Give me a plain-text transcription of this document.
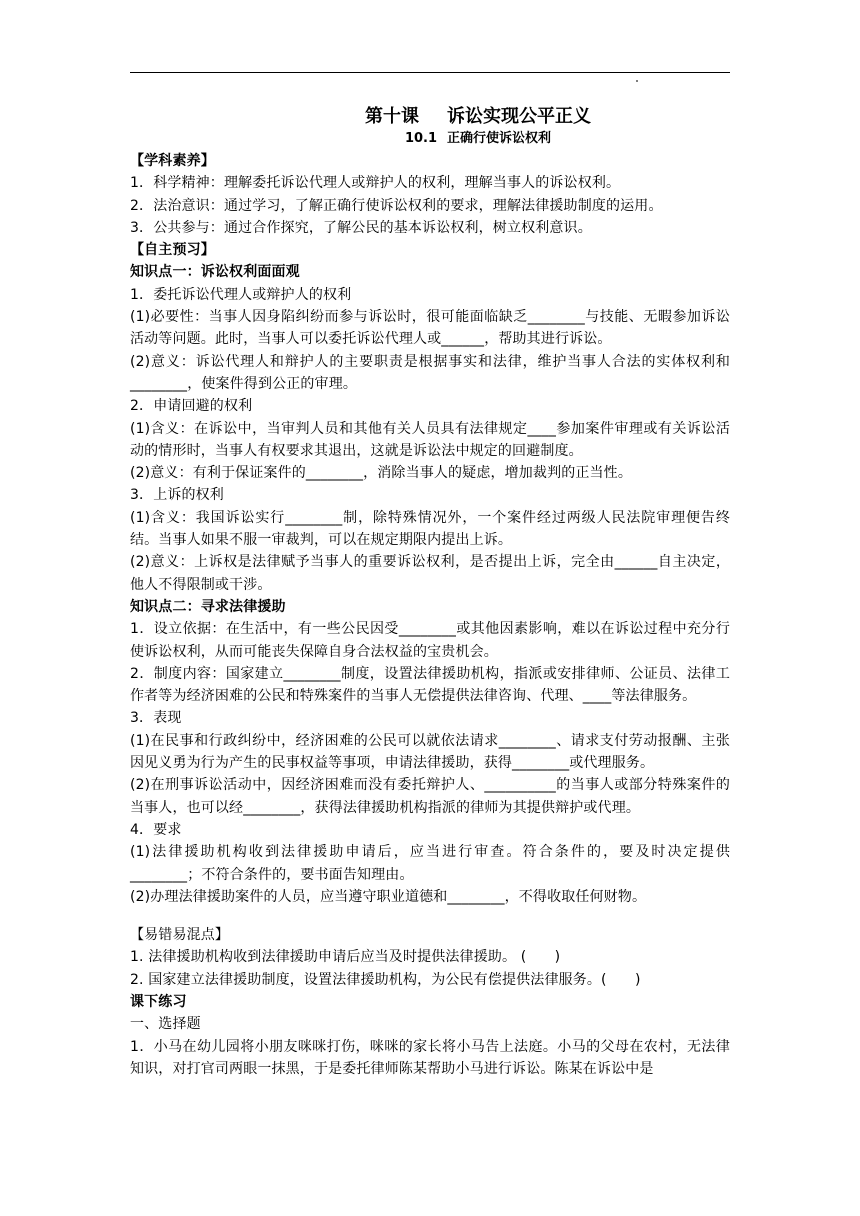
第十课 诉讼实现公平正义
10.1 正确行使诉讼权利

【学科素养】

1．科学精神：理解委托诉讼代理人或辩护人的权利，理解当事人的诉讼权利。

2．法治意识：通过学习，了解正确行使诉讼权利的要求，理解法律援助制度的运用。

3．公共参与：通过合作探究，了解公民的基本诉讼权利，树立权利意识。

【自主预习】

知识点一：诉讼权利面面观

1．委托诉讼代理人或辩护人的权利

(1)必要性：当事人因身陷纠纷而参与诉讼时，很可能面临缺乏________与技能、无暇参加诉讼活动等问题。此时，当事人可以委托诉讼代理人或______，帮助其进行诉讼。

(2)意义：诉讼代理人和辩护人的主要职责是根据事实和法律，维护当事人合法的实体权利和________，使案件得到公正的审理。

2．申请回避的权利

(1)含义：在诉讼中，当审判人员和其他有关人员具有法律规定____参加案件审理或有关诉讼活动的情形时，当事人有权要求其退出，这就是诉讼法中规定的回避制度。

(2)意义：有利于保证案件的________，消除当事人的疑虑，增加裁判的正当性。

3．上诉的权利

(1)含义：我国诉讼实行________制，除特殊情况外，一个案件经过两级人民法院审理便告终结。当事人如果不服一审裁判，可以在规定期限内提出上诉。

(2)意义：上诉权是法律赋予当事人的重要诉讼权利，是否提出上诉，完全由______自主决定，他人不得限制或干涉。

知识点二：寻求法律援助

1．设立依据：在生活中，有一些公民因受________或其他因素影响，难以在诉讼过程中充分行使诉讼权利，从而可能丧失保障自身合法权益的宝贵机会。

2．制度内容：国家建立________制度，设置法律援助机构，指派或安排律师、公证员、法律工作者等为经济困难的公民和特殊案件的当事人无偿提供法律咨询、代理、____等法律服务。

3．表现

(1)在民事和行政纠纷中，经济困难的公民可以就依法请求________、请求支付劳动报酬、主张因见义勇为行为产生的民事权益等事项，申请法律援助，获得________或代理服务。

(2)在刑事诉讼活动中，因经济困难而没有委托辩护人、__________的当事人或部分特殊案件的当事人，也可以经________，获得法律援助机构指派的律师为其提供辩护或代理。

4．要求

(1)法律援助机构收到法律援助申请后，应当进行审查。符合条件的，要及时决定提供________；不符合条件的，要书面告知理由。

(2)办理法律援助案件的人员，应当遵守职业道德和________，不得收取任何财物。

【易错易混点】

1. 法律援助机构收到法律援助申请后应当及时提供法律援助。 (　　)

2. 国家建立法律援助制度，设置法律援助机构，为公民有偿提供法律服务。(　　)

课下练习

一、选择题

1．小马在幼儿园将小朋友咪咪打伤，咪咪的家长将小马告上法庭。小马的父母在农村，无法律知识，对打官司两眼一抹黑，于是委托律师陈某帮助小马进行诉讼。陈某在诉讼中是
